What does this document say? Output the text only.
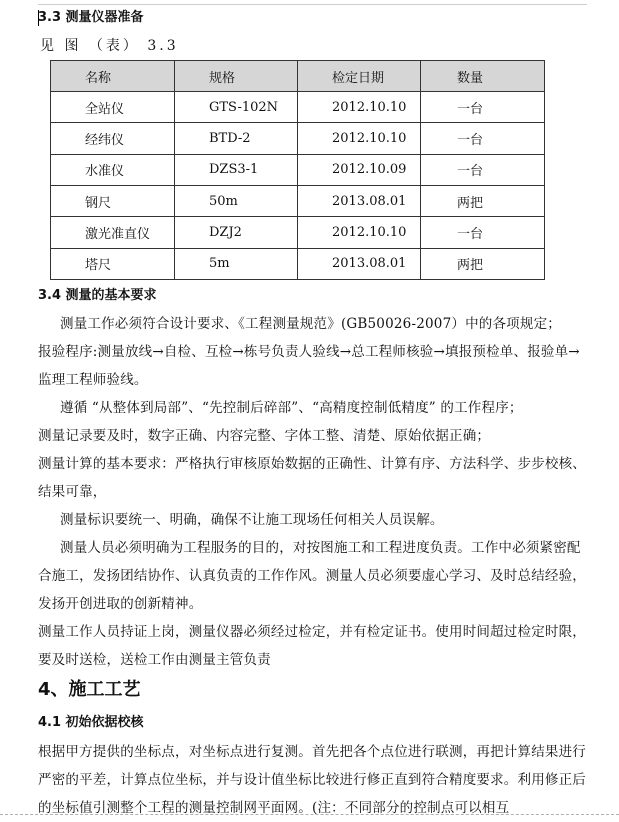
3.3 测量仪器准备
见 图 （表） 3.3
名称	规格	检定日期	数量
全站仪	GTS-102N	2012.10.10	一台
经纬仪	BTD-2	2012.10.10	一台
水准仪	DZS3-1	2012.10.09	一台
钢尺	50m	2013.08.01	两把
激光准直仪	DZJ2	2012.10.10	一台
塔尺	5m	2013.08.01	两把
3.4 测量的基本要求
测量工作必须符合设计要求、《工程测量规范》(GB50026-2007）中的各项规定；
报验程序:测量放线→自检、互检→栋号负责人验线→总工程师核验→填报预检单、报验单→监理工程师验线。
遵循 “从整体到局部”、“先控制后碎部”、“高精度控制低精度” 的工作程序；
测量记录要及时，数字正确、内容完整、字体工整、清楚、原始依据正确；
测量计算的基本要求：严格执行审核原始数据的正确性、计算有序、方法科学、步步校核、结果可靠，
测量标识要统一、明确，确保不让施工现场任何相关人员误解。
测量人员必须明确为工程服务的目的，对按图施工和工程进度负责。工作中必须紧密配合施工，发扬团结协作、认真负责的工作作风。测量人员必须要虚心学习、及时总结经验，发扬开创进取的创新精神。
测量工作人员持证上岗，测量仪器必须经过检定，并有检定证书。使用时间超过检定时限，要及时送检，送检工作由测量主管负责
4、施工工艺
4.1 初始依据校核
根据甲方提供的坐标点，对坐标点进行复测。首先把各个点位进行联测，再把计算结果进行严密的平差，计算点位坐标，并与设计值坐标比较进行修正直到符合精度要求。利用修正后的坐标值引测整个工程的测量控制网平面网。(注：不同部分的控制点可以相互
